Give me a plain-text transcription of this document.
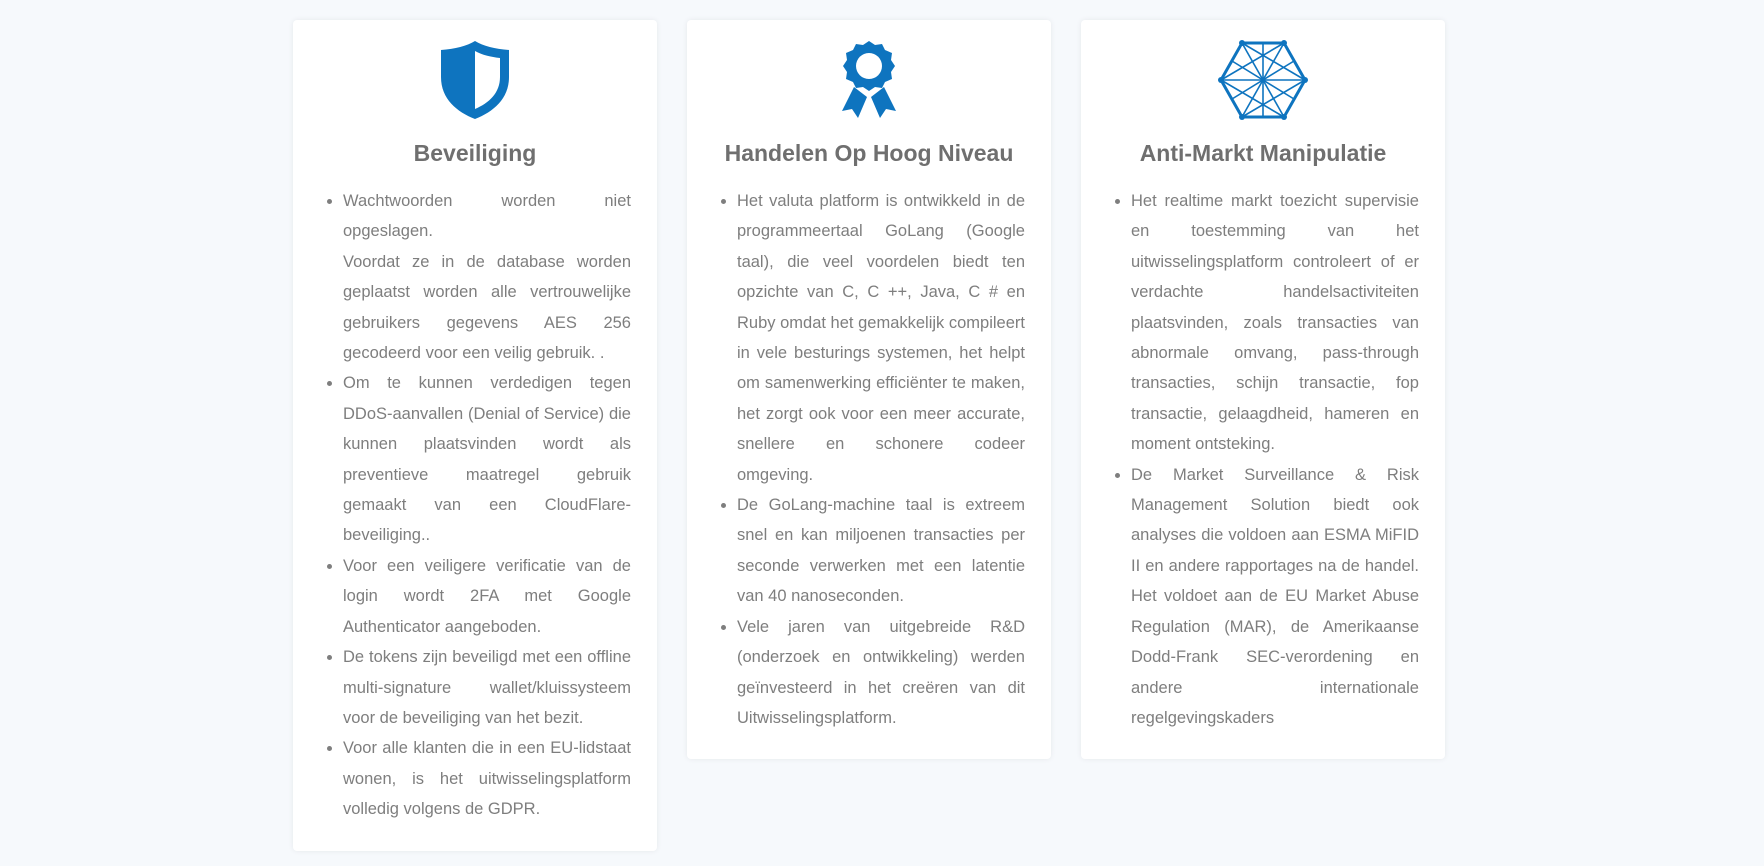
Beveiliging
• Wachtwoorden worden niet opgeslagen.
Voordat ze in de database worden geplaatst worden alle vertrouwelijke gebruikers gegevens AES 256 gecodeerd voor een veilig gebruik. .
• Om te kunnen verdedigen tegen DDoS-aanvallen (Denial of Service) die kunnen plaatsvinden wordt als preventieve maatregel gebruik gemaakt van een CloudFlare-beveiliging..
• Voor een veiligere verificatie van de login wordt 2FA met Google Authenticator aangeboden.
• De tokens zijn beveiligd met een offline multi-signature wallet/kluissysteem voor de beveiliging van het bezit.
• Voor alle klanten die in een EU-lidstaat wonen, is het uitwisselingsplatform volledig volgens de GDPR.
Handelen Op Hoog Niveau
• Het valuta platform is ontwikkeld in de programmeertaal GoLang (Google taal), die veel voordelen biedt ten opzichte van C, C ++, Java, C # en Ruby omdat het gemakkelijk compileert in vele besturings systemen, het helpt om samenwerking efficiënter te maken, het zorgt ook voor een meer accurate, snellere en schonere codeer omgeving.
• De GoLang-machine taal is extreem snel en kan miljoenen transacties per seconde verwerken met een latentie van 40 nanoseconden.
• Vele jaren van uitgebreide R&D (onderzoek en ontwikkeling) werden geïnvesteerd in het creëren van dit Uitwisselingsplatform.
Anti-Markt Manipulatie
• Het realtime markt toezicht supervisie en toestemming van het uitwisselingsplatform controleert of er verdachte handelsactiviteiten plaatsvinden, zoals transacties van abnormale omvang, pass-through transacties, schijn transactie, fop transactie, gelaagdheid, hameren en moment ontsteking.
• De Market Surveillance & Risk Management Solution biedt ook analyses die voldoen aan ESMA MiFID II en andere rapportages na de handel. Het voldoet aan de EU Market Abuse Regulation (MAR), de Amerikaanse Dodd-Frank SEC-verordening en andere internationale regelgevingskaders
